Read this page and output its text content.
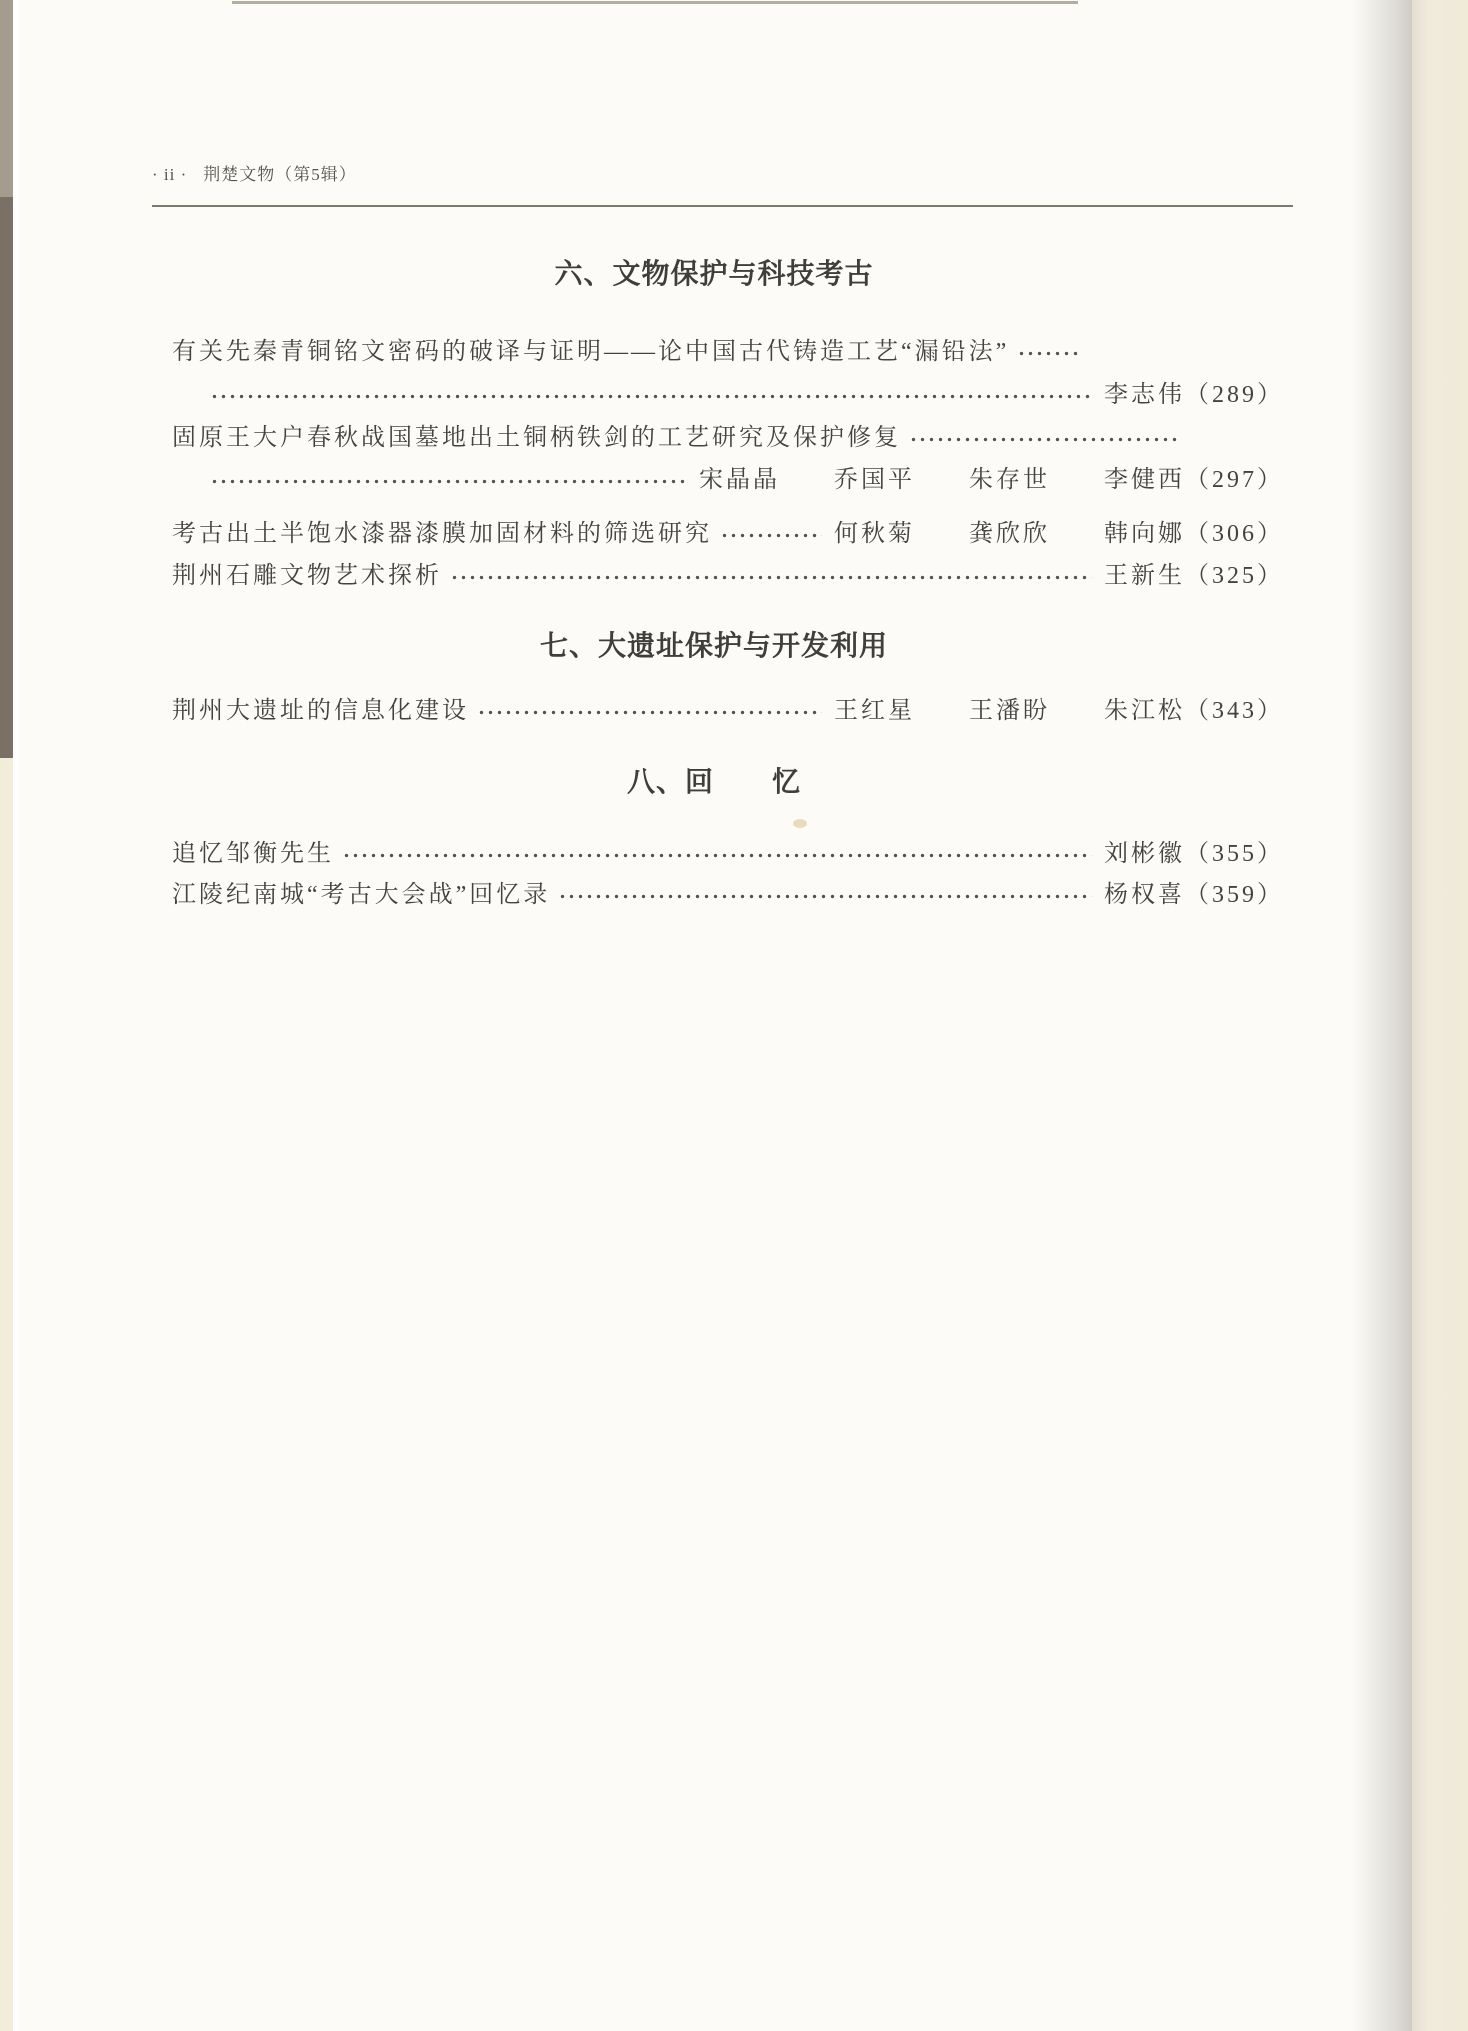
· ii · 荆楚文物（第5辑）
六、文物保护与科技考古
有关先秦青铜铭文密码的破译与证明——论中国古代铸造工艺“漏铅法”
李志伟 （289）
固原王大户春秋战国墓地出土铜柄铁剑的工艺研究及保护修复
宋晶晶　　乔国平　　朱存世　　李健西 （297）
考古出土半饱水漆器漆膜加固材料的筛选研究	何秋菊　　龚欣欣　　韩向娜 （306）
荆州石雕文物艺术探析	王新生 （325）
七、大遗址保护与开发利用
荆州大遗址的信息化建设	王红星　　王潘盼　　朱江松 （343）
八、回　　忆
追忆邹衡先生	刘彬徽 （355）
江陵纪南城“考古大会战”回忆录	杨权喜 （359）
